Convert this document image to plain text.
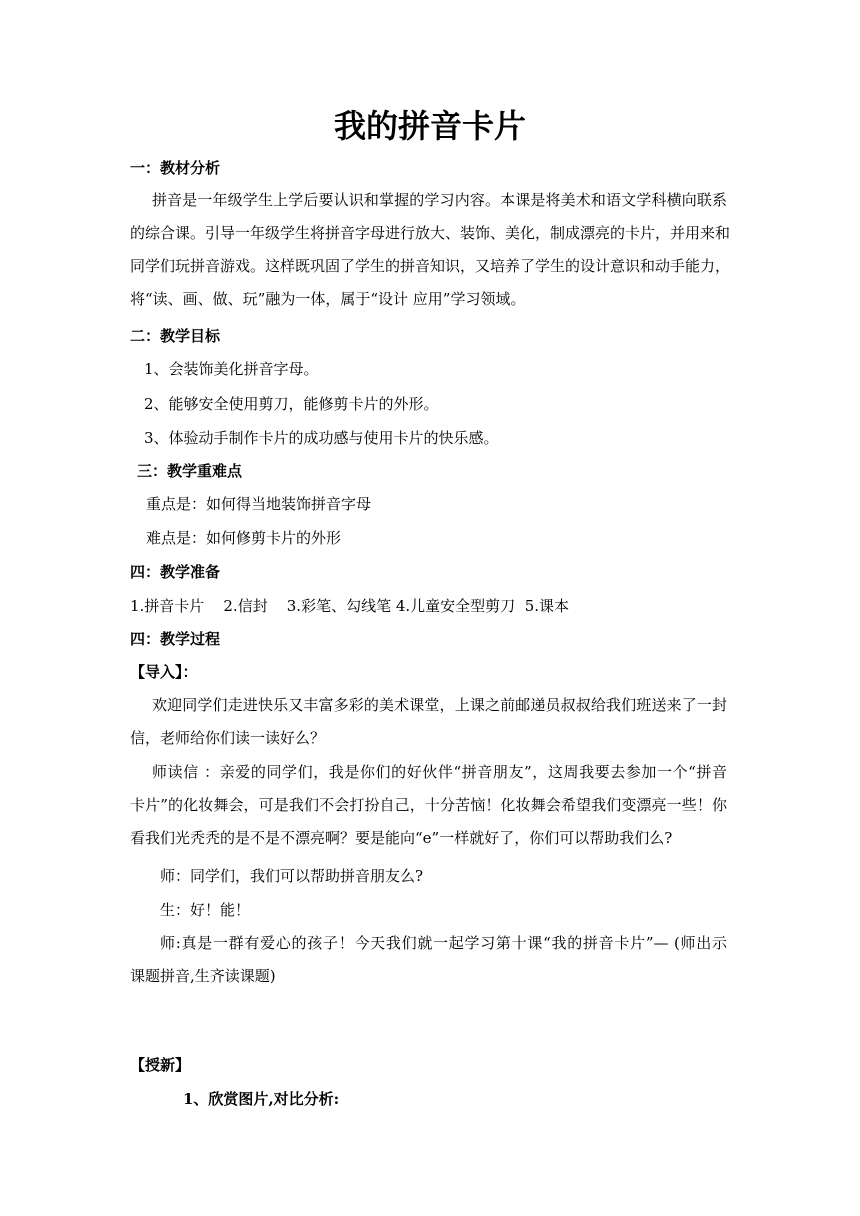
我的拼音卡片
一：教材分析
拼音是一年级学生上学后要认识和掌握的学习内容。本课是将美术和语文学科横向联系
的综合课。引导一年级学生将拼音字母进行放大、装饰、美化，制成漂亮的卡片，并用来和
同学们玩拼音游戏。这样既巩固了学生的拼音知识，又培养了学生的设计意识和动手能力，
将“读、画、做、玩”融为一体，属于“设计 应用”学习领域。
二：教学目标
1、会装饰美化拼音字母。
2、能够安全使用剪刀，能修剪卡片的外形。
3、体验动手制作卡片的成功感与使用卡片的快乐感。
三：教学重难点
重点是：如何得当地装饰拼音字母
难点是：如何修剪卡片的外形
四：教学准备
1.拼音卡片    2.信封    3.彩笔、勾线笔 4.儿童安全型剪刀  5.课本
四：教学过程
【导入】：
欢迎同学们走进快乐又丰富多彩的美术课堂，上课之前邮递员叔叔给我们班送来了一封
信，老师给你们读一读好么？
师读信 ：亲爱的同学们，我是你们的好伙伴“拼音朋友”，这周我要去参加一个“拼音
卡片”的化妆舞会，可是我们不会打扮自己，十分苦恼！化妆舞会希望我们变漂亮一些！你
看我们光秃秃的是不是不漂亮啊？要是能向“e”一样就好了，你们可以帮助我们么?
师：同学们，我们可以帮助拼音朋友么?
生：好！能！
师:真是一群有爱心的孩子！今天我们就一起学习第十课“我的拼音卡片”— (师出示
课题拼音,生齐读课题)
【授新】
1、欣赏图片,对比分析:
